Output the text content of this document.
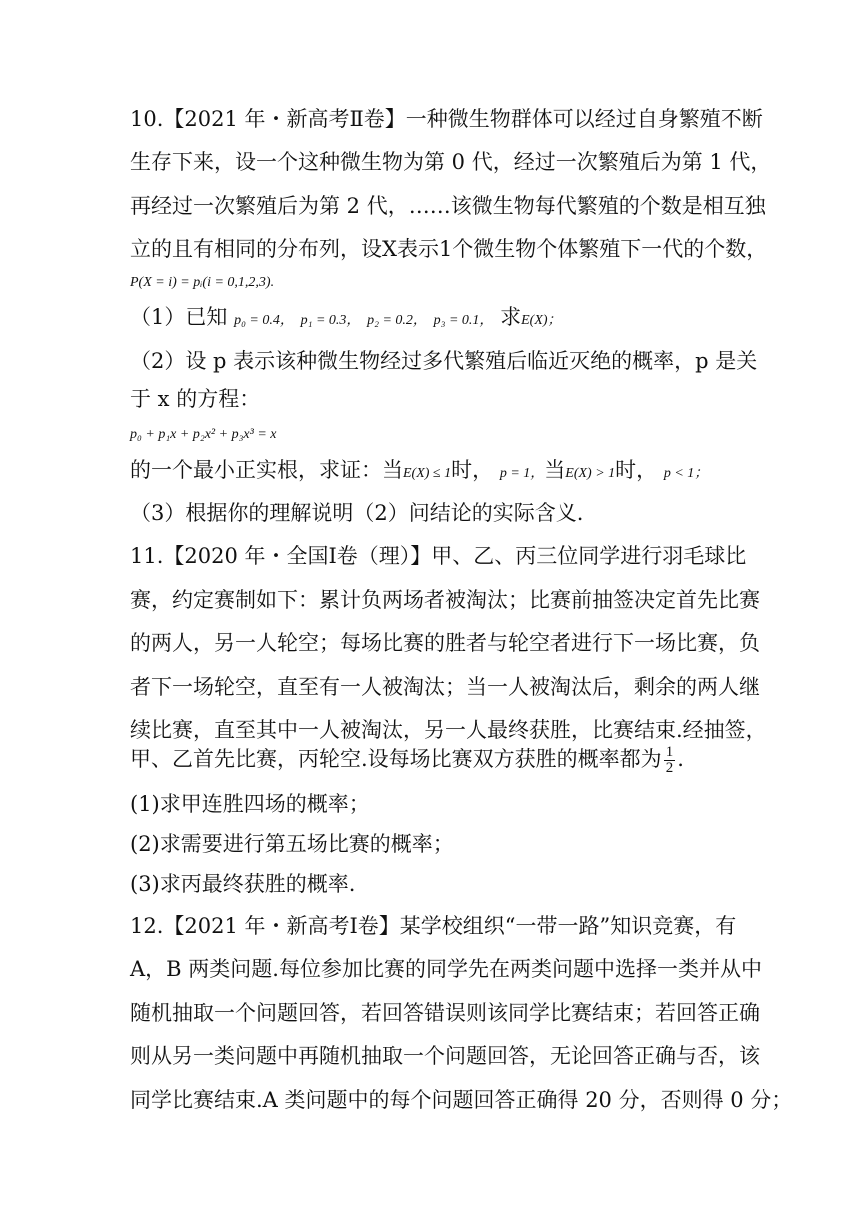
10.【2021 年・新高考Ⅱ卷】一种微生物群体可以经过自身繁殖不断
生存下来，设一个这种微生物为第 0 代，经过一次繁殖后为第 1 代，
再经过一次繁殖后为第 2 代，……该微生物每代繁殖的个数是相互独
立的且有相同的分布列，设X表示1个微生物个体繁殖下一代的个数，
P(X = i) = pᵢ(i = 0,1,2,3).
（1）已知 p₀ = 0.4， p₁ = 0.3， p₂ = 0.2， p₃ = 0.1， 求E(X)；
（2）设 p 表示该种微生物经过多代繁殖后临近灭绝的概率，p 是关
于 x 的方程：
p₀ + p₁x + p₂x² + p₃x³ = x
的一个最小正实根，求证：当E(X) ≤ 1时， p = 1，当E(X) > 1时， p < 1；
（3）根据你的理解说明（2）问结论的实际含义.
11.【2020 年・全国Ⅰ卷（理）】甲、乙、丙三位同学进行羽毛球比
赛，约定赛制如下：累计负两场者被淘汰；比赛前抽签决定首先比赛
的两人，另一人轮空；每场比赛的胜者与轮空者进行下一场比赛，负
者下一场轮空，直至有一人被淘汰；当一人被淘汰后，剩余的两人继
续比赛，直至其中一人被淘汰，另一人最终获胜，比赛结束.经抽签，
甲、乙首先比赛，丙轮空.设每场比赛双方获胜的概率都为 $\frac{1}{2}$ .
(1)求甲连胜四场的概率；
(2)求需要进行第五场比赛的概率；
(3)求丙最终获胜的概率.
12.【2021 年・新高考Ⅰ卷】某学校组织“一带一路”知识竞赛，有
A，B 两类问题.每位参加比赛的同学先在两类问题中选择一类并从中
随机抽取一个问题回答，若回答错误则该同学比赛结束；若回答正确
则从另一类问题中再随机抽取一个问题回答，无论回答正确与否，该
同学比赛结束.A 类问题中的每个问题回答正确得 20 分，否则得 0 分；
